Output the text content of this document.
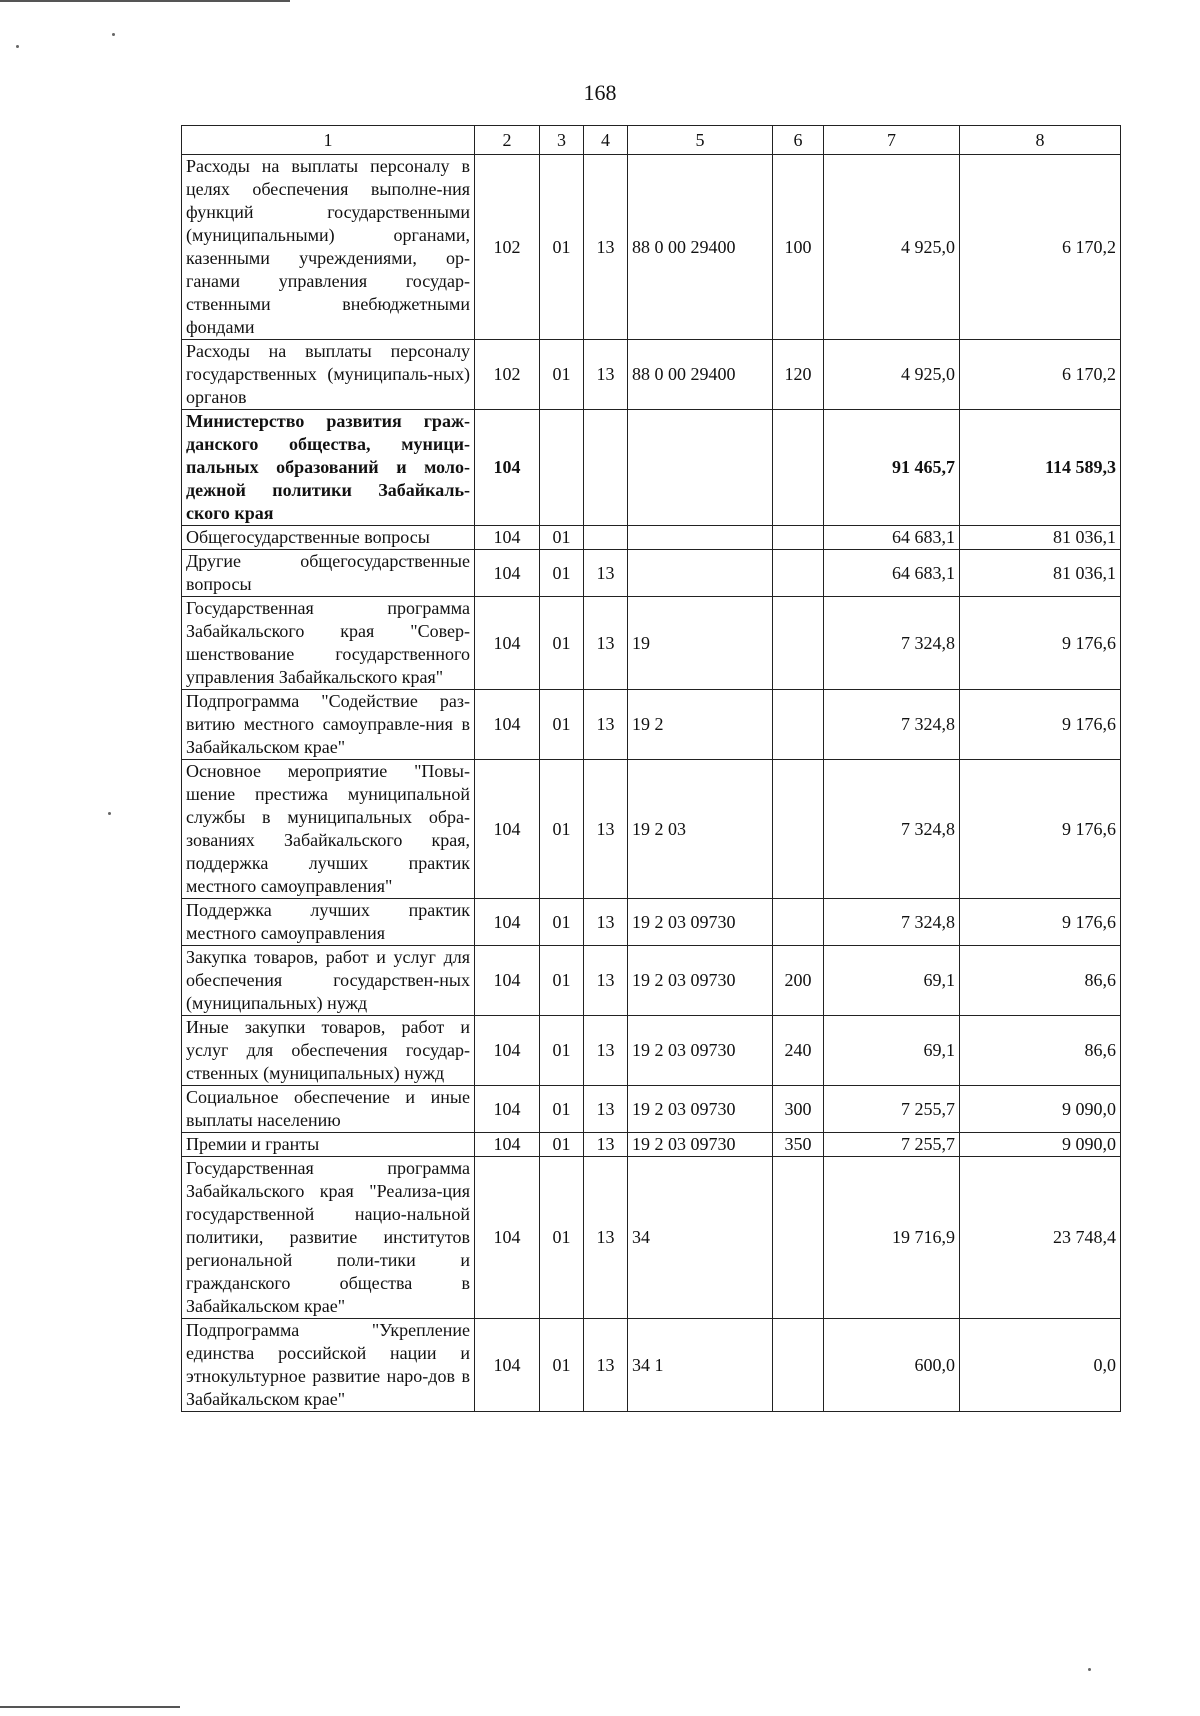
168
1	2	3	4	5	6	7	8
Расходы на выплаты персоналу в целях обеспечения выполне-ния функций государственными (муниципальными) органами, казенными учреждениями, ор-ганами управления государ-ственными внебюджетными фондами	102	01	13	88 0 00 29400	100	4 925,0	6 170,2
Расходы на выплаты персоналу государственных (муниципаль-ных) органов	102	01	13	88 0 00 29400	120	4 925,0	6 170,2
Министерство развития граж-данского общества, муници-пальных образований и моло-дежной политики Забайкаль-ского края	104					91 465,7	114 589,3
Общегосударственные вопросы	104	01				64 683,1	81 036,1
Другие общегосударственные вопросы	104	01	13			64 683,1	81 036,1
Государственная программа Забайкальского края "Совер-шенствование государственного управления Забайкальского края"	104	01	13	19		7 324,8	9 176,6
Подпрограмма "Содействие раз-витию местного самоуправле-ния в Забайкальском крае"	104	01	13	19 2		7 324,8	9 176,6
Основное мероприятие "Повы-шение престижа муниципальной службы в муниципальных обра-зованиях Забайкальского края, поддержка лучших практик местного самоуправления"	104	01	13	19 2 03		7 324,8	9 176,6
Поддержка лучших практик местного самоуправления	104	01	13	19 2 03 09730		7 324,8	9 176,6
Закупка товаров, работ и услуг для обеспечения государствен-ных (муниципальных) нужд	104	01	13	19 2 03 09730	200	69,1	86,6
Иные закупки товаров, работ и услуг для обеспечения государ-ственных (муниципальных) нужд	104	01	13	19 2 03 09730	240	69,1	86,6
Социальное обеспечение и иные выплаты населению	104	01	13	19 2 03 09730	300	7 255,7	9 090,0
Премии и гранты	104	01	13	19 2 03 09730	350	7 255,7	9 090,0
Государственная программа Забайкальского края "Реализа-ция государственной нацио-нальной политики, развитие институтов региональной поли-тики и гражданского общества в Забайкальском крае"	104	01	13	34		19 716,9	23 748,4
Подпрограмма "Укрепление единства российской нации и этнокультурное развитие наро-дов в Забайкальском крае"	104	01	13	34 1		600,0	0,0
